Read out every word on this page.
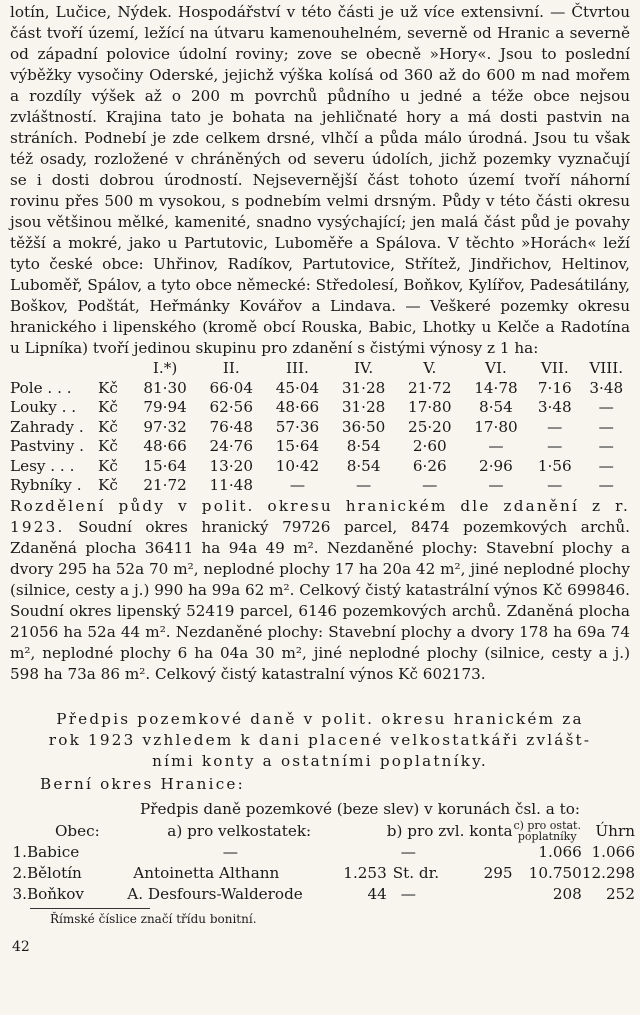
lotín, Lučice, Nýdek. Hospodářství v této části je už více extensivní. — Čtvrtou část tvoří území, ležící na útvaru kamenouhelném, severně od Hranic a severně od západní polovice údolní roviny; zove se obecně »Hory«. Jsou to poslední výběžky vysočiny Oderské, jejichž výška kolísá od 360 až do 600 m nad mořem a rozdíly výšek až o 200 m povrchů půdního u jedné a téže obce nejsou zvláštností. Krajina tato je bohata na jehličnaté hory a má dosti pastvin na stráních. Podnebí je zde celkem drsné, vlhčí a půda málo úrodná. Jsou tu však též osady, rozložené v chráněných od severu údolích, jichž pozemky vyznačují se i dosti dobrou úrodností. Nejsevernější část tohoto území tvoří náhorní rovinu přes 500 m vysokou, s podnebím velmi drsným. Půdy v této části okresu jsou většinou mělké, kamenité, snadno vysýchající; jen malá část půd je povahy těžší a mokré, jako u Partutovic, Luboměře a Spálova. V těchto »Horách« leží tyto české obce: Uhřinov, Radíkov, Partutovice, Střítež, Jindřichov, Heltinov, Luboměř, Spálov, a tyto obce německé: Středolesí, Boňkov, Kylířov, Padesátilány, Boškov, Podštát, Heřmánky Kovářov a Lindava. — Veškeré pozemky okresu hranického i lipenského (kromě obcí Rouska, Babic, Lhotky u Kelče a Radotína u Lipníka) tvoří jedinou skupinu pro zdanění s čistými výnosy z 1 ha:

		I.*)	II.	III.	IV.	V.	VI.	VII.	VIII.
Pole . . .	Kč	81·30	66·04	45·04	31·28	21·72	14·78	7·16	3·48
Louky . .	Kč	79·94	62·56	48·66	31·28	17·80	8·54	3·48	—
Zahrady .	Kč	97·32	76·48	57·36	36·50	25·20	17·80	—	—
Pastviny .	Kč	48·66	24·76	15·64	8·54	2·60	—	—	—
Lesy . . .	Kč	15·64	13·20	10·42	8·54	6·26	2·96	1·56	—
Rybníky .	Kč	21·72	11·48	—	—	—	—	—	—

Rozdělení půdy v polit. okresu hranickém dle zdanění z r. 1923. Soudní okres hranický 79726 parcel, 8474 pozemkových archů. Zdaněná plocha 36411 ha 94a 49 m². Nezdaněné plochy: Stavební plochy a dvory 295 ha 52a 70 m², neplodné plochy 17 ha 20a 42 m², jiné neplodné plochy (silnice, cesty a j.) 990 ha 99a 62 m². Celkový čistý katastrální výnos Kč 699846. Soudní okres lipenský 52419 parcel, 6146 pozemkových archů. Zdaněná plocha 21056 ha 52a 44 m². Nezdaněné plochy: Stavební plochy a dvory 178 ha 69a 74 m², neplodné plochy 6 ha 04a 30 m², jiné neplodné plochy (silnice, cesty a j.) 598 ha 73a 86 m². Celkový čistý katastralní výnos Kč 602173.

Předpis pozemkové daně v polit. okresu hranickém za
rok 1923 vzhledem k dani placené velkostatkáři zvlášt-
ními konty a ostatními poplatníky.
Berní okres Hranice:
Předpis daně pozemkové (beze slev) v korunách čsl. a to:
	Obec:	a) pro velkostatek:		b) pro zvl. konta		c) pro ostat.
poplatníky	Úhrn
1.	Babice	—		—		1.066	1.066
2.	Bělotín	Antoinetta Althann	1.253	St. dr.	295	10.750	12.298
3.	Boňkov	A. Desfours-Walderode	44	—		208	252
Římské číslice značí třídu bonitní.
42
